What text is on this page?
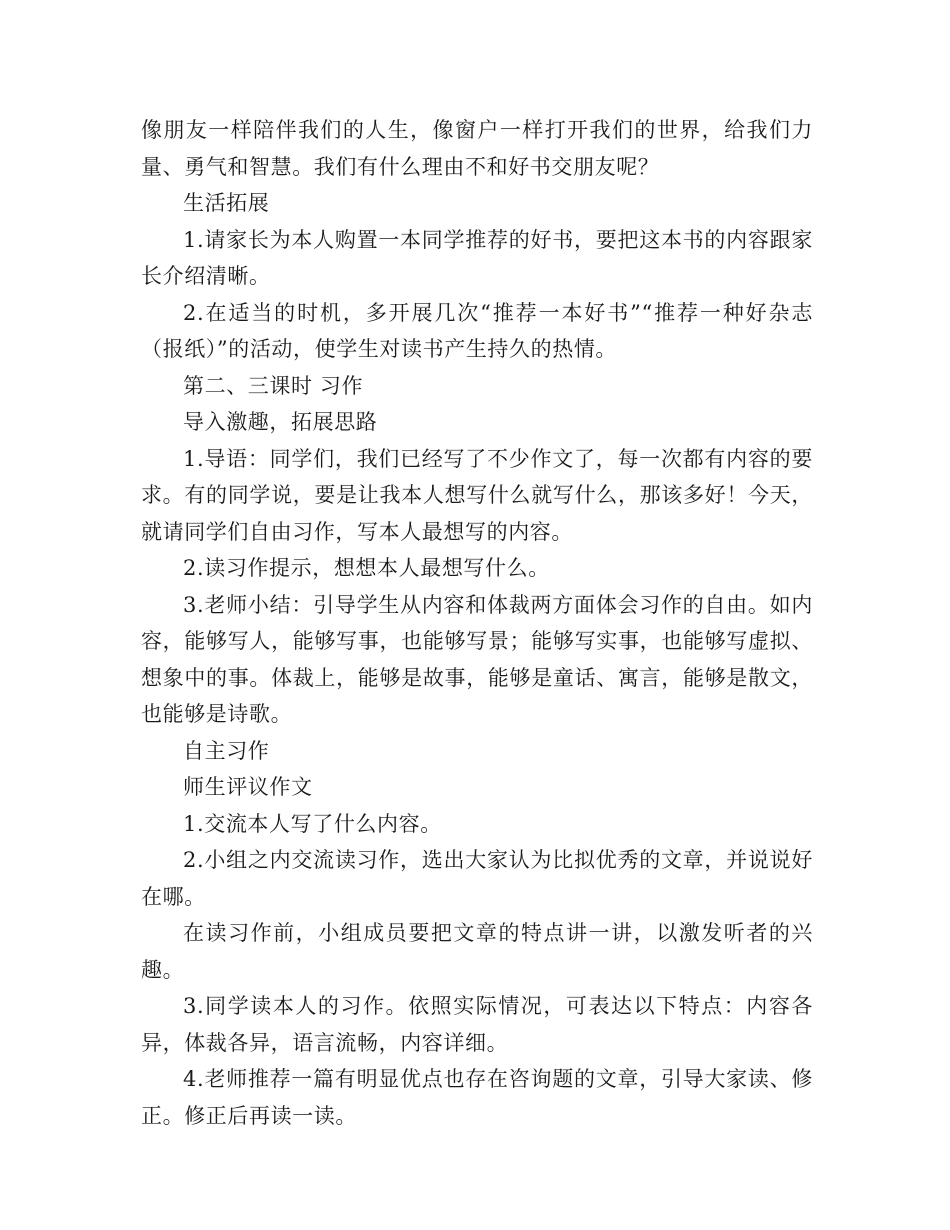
像朋友一样陪伴我们的人生，像窗户一样打开我们的世界，给我们力量、勇气和智慧。我们有什么理由不和好书交朋友呢？

生活拓展

1.请家长为本人购置一本同学推荐的好书，要把这本书的内容跟家长介绍清晰。

2.在适当的时机，多开展几次“推荐一本好书”“推荐一种好杂志（报纸）”的活动，使学生对读书产生持久的热情。

第二、三课时 习作

导入激趣，拓展思路

1.导语：同学们，我们已经写了不少作文了，每一次都有内容的要求。有的同学说，要是让我本人想写什么就写什么，那该多好！今天，就请同学们自由习作，写本人最想写的内容。

2.读习作提示，想想本人最想写什么。

3.老师小结：引导学生从内容和体裁两方面体会习作的自由。如内容，能够写人，能够写事，也能够写景；能够写实事，也能够写虚拟、想象中的事。体裁上，能够是故事，能够是童话、寓言，能够是散文，也能够是诗歌。

自主习作

师生评议作文

1.交流本人写了什么内容。

2.小组之内交流读习作，选出大家认为比拟优秀的文章，并说说好在哪。

在读习作前，小组成员要把文章的特点讲一讲，以激发听者的兴趣。

3.同学读本人的习作。依照实际情况，可表达以下特点：内容各异，体裁各异，语言流畅，内容详细。

4.老师推荐一篇有明显优点也存在咨询题的文章，引导大家读、修正。修正后再读一读。
